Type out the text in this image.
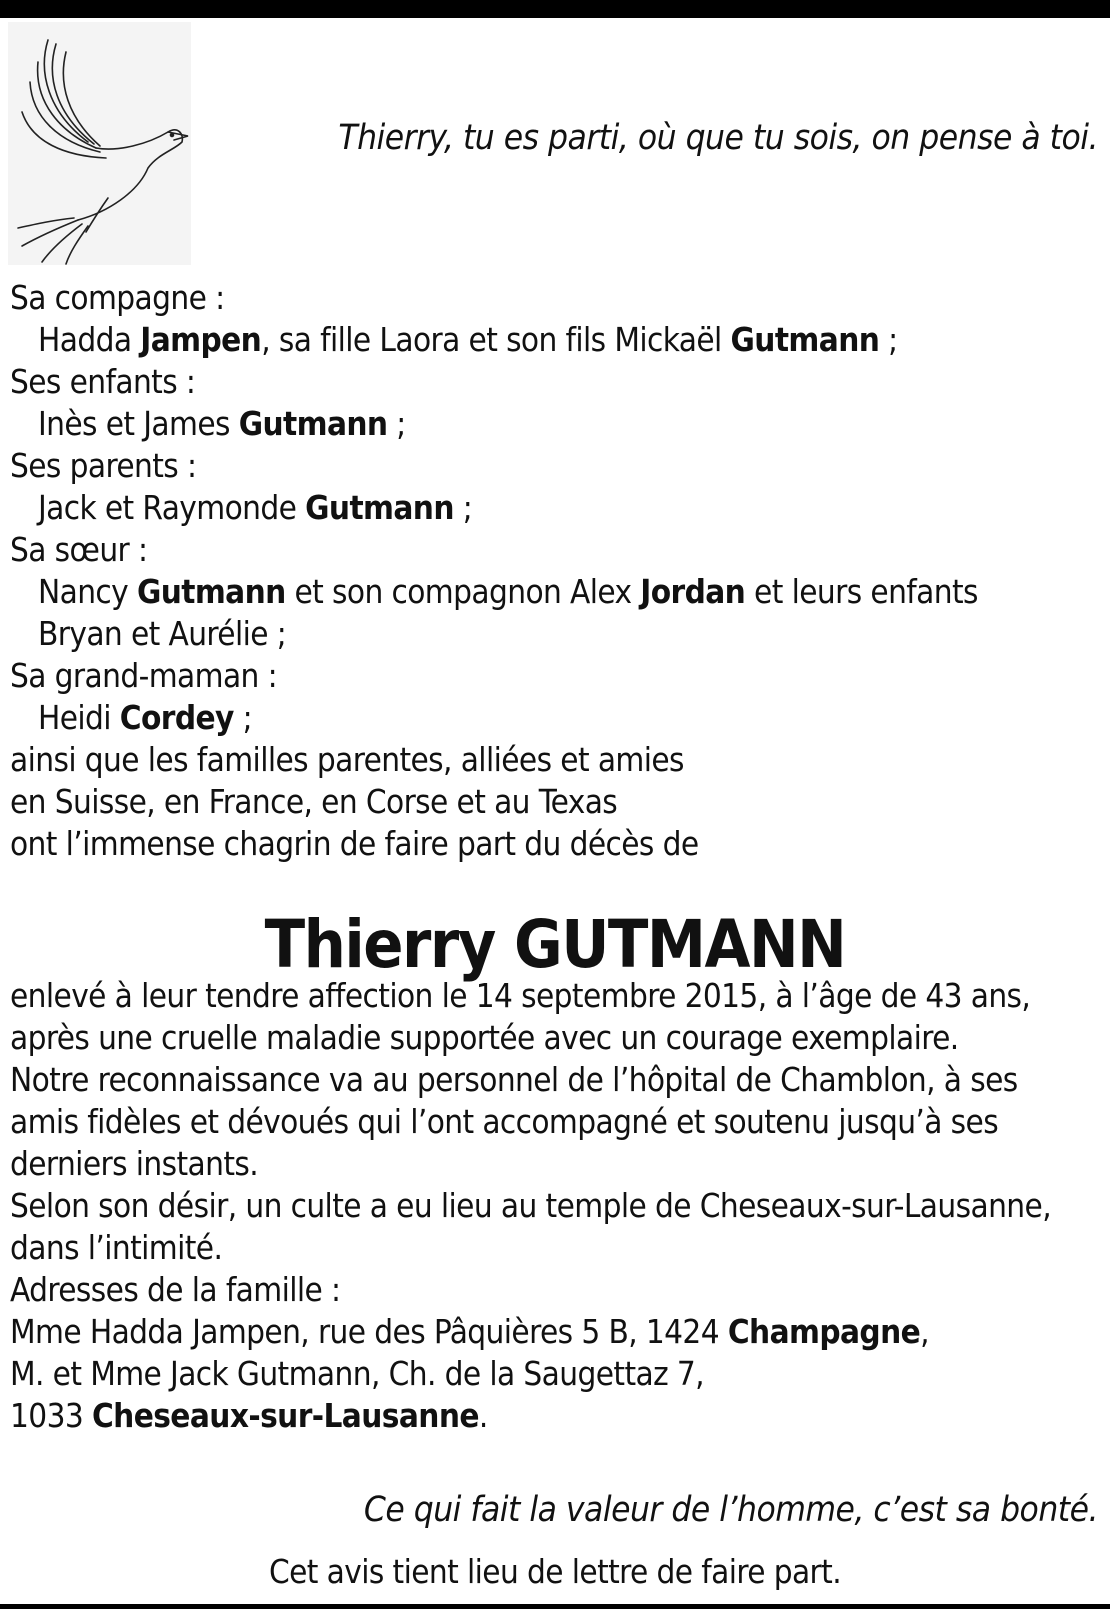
Thierry, tu es parti, où que tu sois, on pense à toi.
Sa compagne :
Hadda Jampen, sa fille Laora et son fils Mickaël Gutmann ;
Ses enfants :
Inès et James Gutmann ;
Ses parents :
Jack et Raymonde Gutmann ;
Sa sœur :
Nancy Gutmann et son compagnon Alex Jordan et leurs enfants
Bryan et Aurélie ;
Sa grand-maman :
Heidi Cordey ;
ainsi que les familles parentes, alliées et amies
en Suisse, en France, en Corse et au Texas
ont l’immense chagrin de faire part du décès de
Thierry GUTMANN
enlevé à leur tendre affection le 14 septembre 2015, à l’âge de 43 ans,
après une cruelle maladie supportée avec un courage exemplaire.
Notre reconnaissance va au personnel de l’hôpital de Chamblon, à ses
amis fidèles et dévoués qui l’ont accompagné et soutenu jusqu’à ses
derniers instants.
Selon son désir, un culte a eu lieu au temple de Cheseaux-sur-Lausanne,
dans l’intimité.
Adresses de la famille :
Mme Hadda Jampen, rue des Pâquières 5 B, 1424 Champagne,
M. et Mme Jack Gutmann, Ch. de la Saugettaz 7,
1033 Cheseaux-sur-Lausanne.
Ce qui fait la valeur de l’homme, c’est sa bonté.
Cet avis tient lieu de lettre de faire part.
